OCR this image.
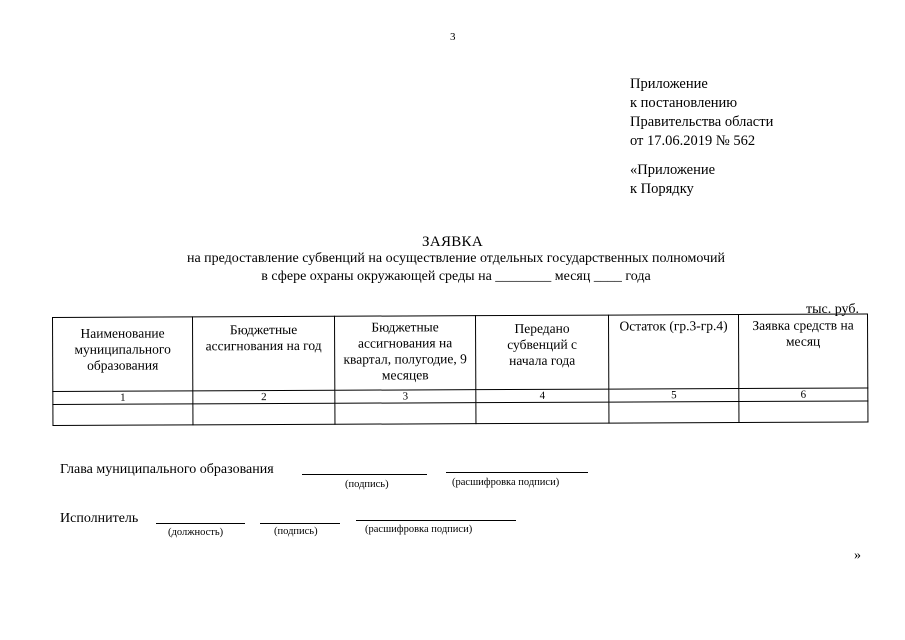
3
Приложение
к постановлению
Правительства области
от 17.06.2019 № 562
«Приложение
к Порядку
ЗАЯВКА
на предоставление субвенций на осуществление отдельных государственных полномочий
в сфере охраны окружающей среды на ________ месяц ____ года
тыс. руб.
Наименование муниципального образования	Бюджетные ассигнования на год	Бюджетные ассигнования на квартал, полугодие, 9 месяцев	Передано субвенций с начала года	Остаток (гр.3-гр.4)	Заявка средств на месяц

1	2	3	4	5	6

Глава муниципального образования
(подпись)	(расшифровка подписи)
Исполнитель
(должность)	(подпись)	(расшифровка подписи)
»
